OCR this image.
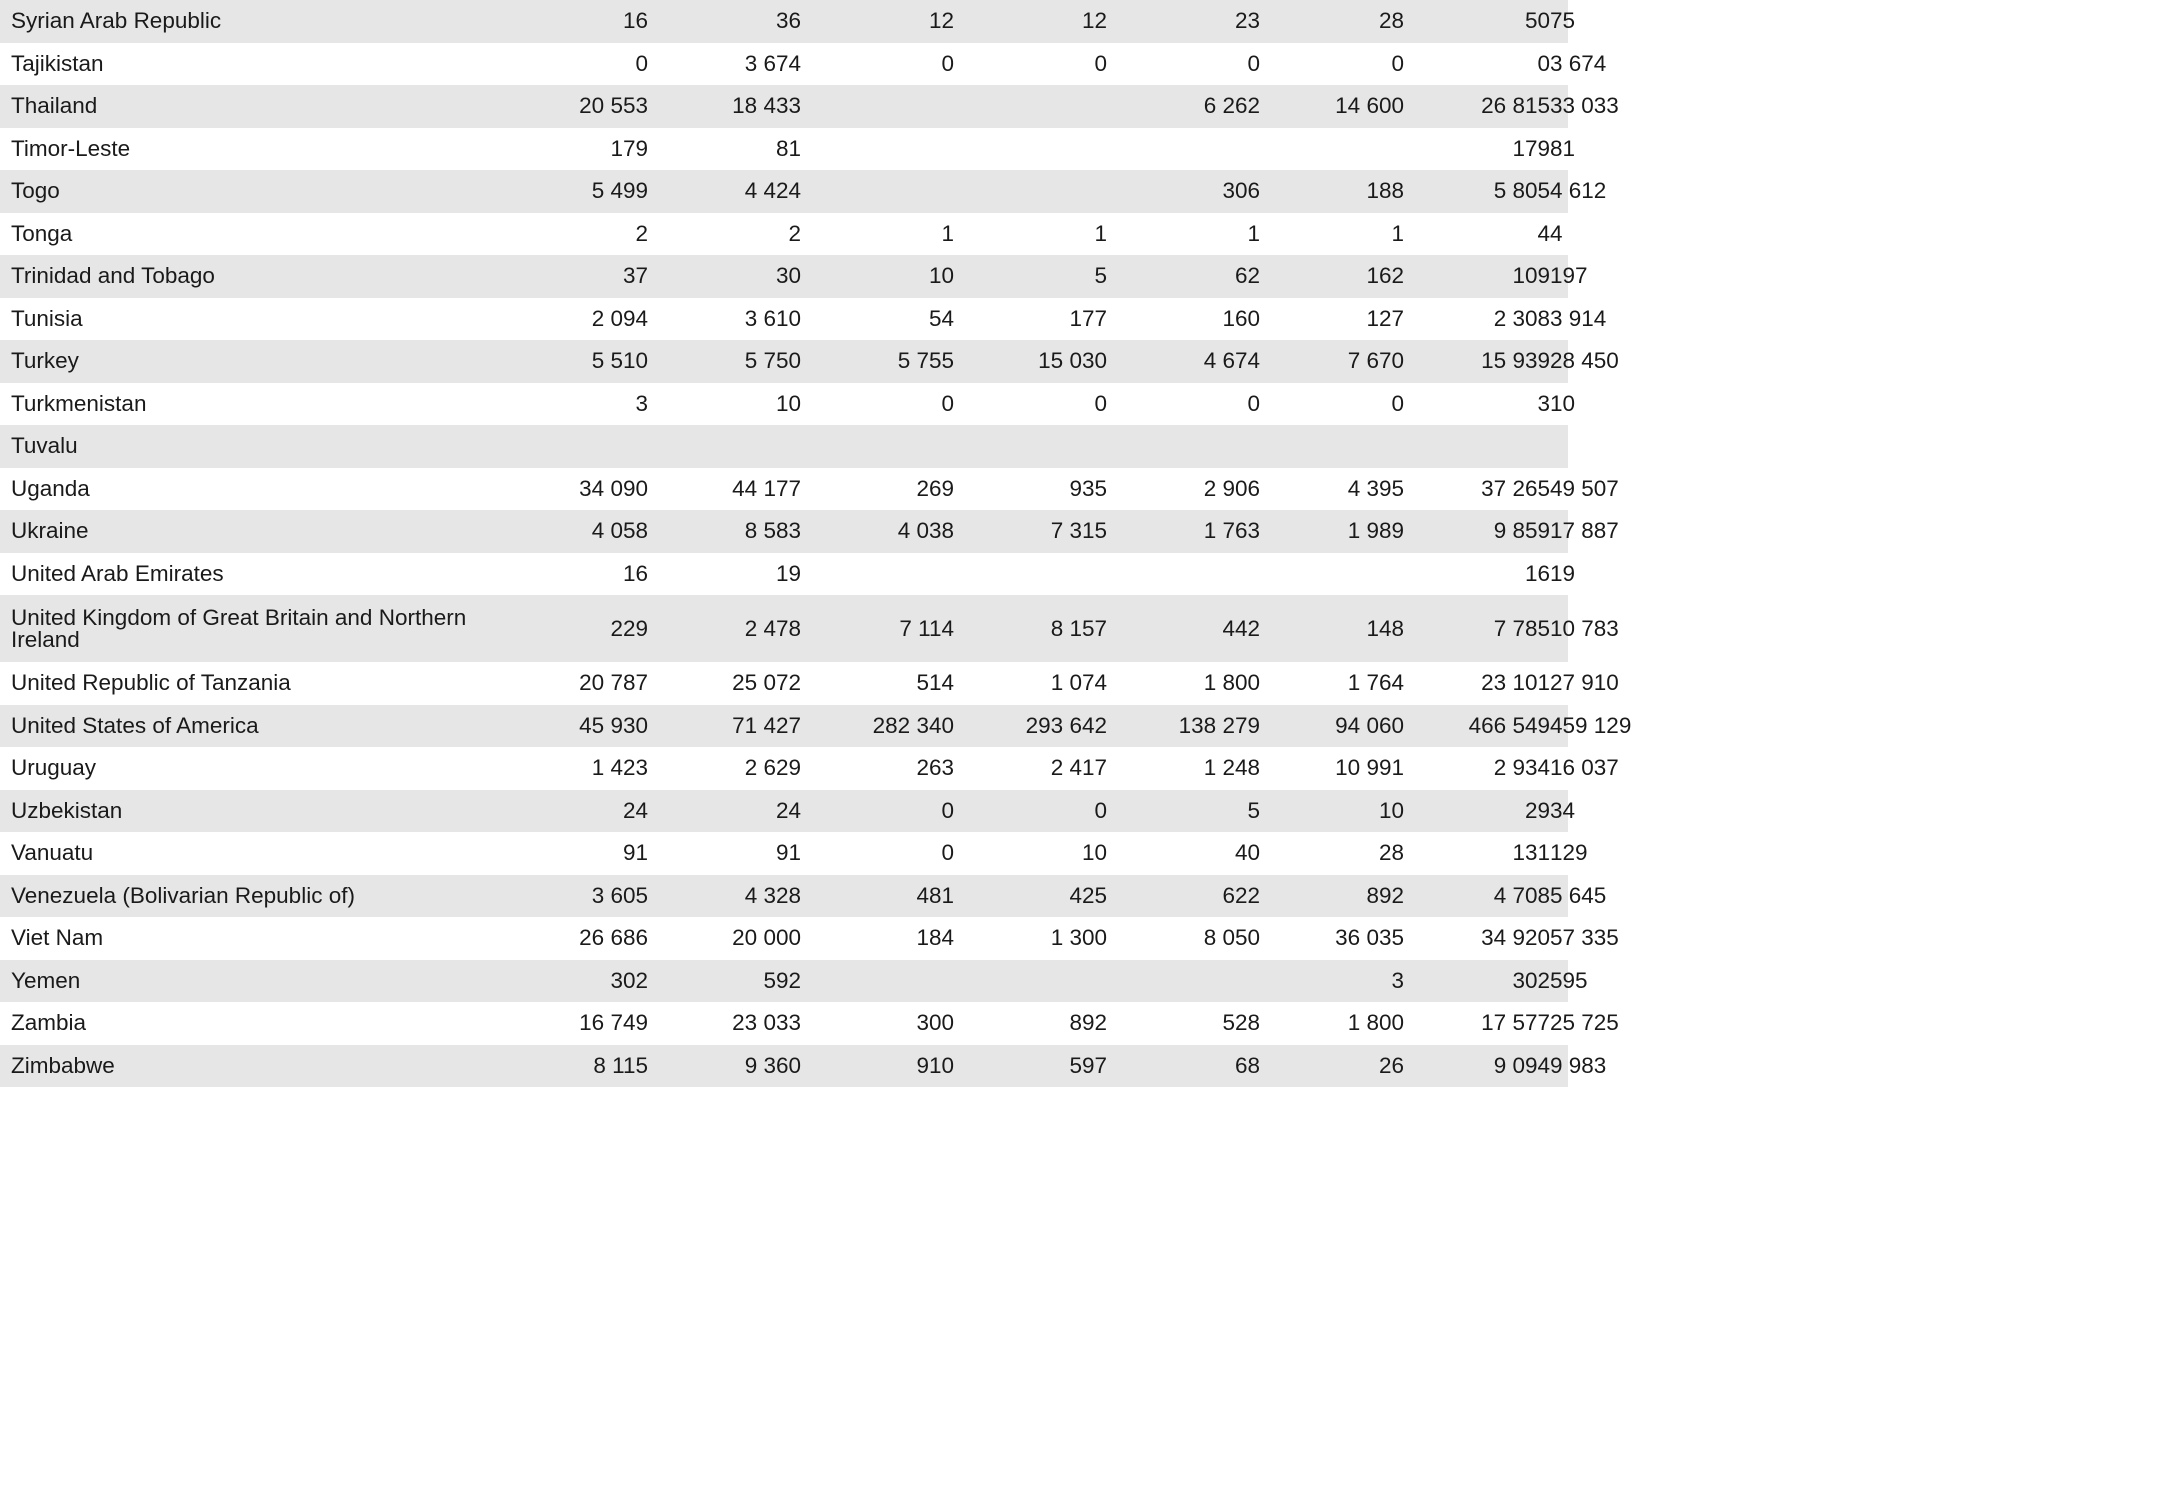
Syrian Arab Republic	16	36	12	12	23	28	50	75
Tajikistan	0	3 674	0	0	0	0	0	3 674
Thailand	20 553	18 433			6 262	14 600	26 815	33 033
Timor-Leste	179	81					179	81
Togo	5 499	4 424			306	188	5 805	4 612
Tonga	2	2	1	1	1	1	4	4
Trinidad and Tobago	37	30	10	5	62	162	109	197
Tunisia	2 094	3 610	54	177	160	127	2 308	3 914
Turkey	5 510	5 750	5 755	15 030	4 674	7 670	15 939	28 450
Turkmenistan	3	10	0	0	0	0	3	10
Tuvalu								
Uganda	34 090	44 177	269	935	2 906	4 395	37 265	49 507
Ukraine	4 058	8 583	4 038	7 315	1 763	1 989	9 859	17 887
United Arab Emirates	16	19					16	19
United Kingdom of Great Britain and Northern Ireland	229	2 478	7 114	8 157	442	148	7 785	10 783
United Republic of Tanzania	20 787	25 072	514	1 074	1 800	1 764	23 101	27 910
United States of America	45 930	71 427	282 340	293 642	138 279	94 060	466 549	459 129
Uruguay	1 423	2 629	263	2 417	1 248	10 991	2 934	16 037
Uzbekistan	24	24	0	0	5	10	29	34
Vanuatu	91	91	0	10	40	28	131	129
Venezuela (Bolivarian Republic of)	3 605	4 328	481	425	622	892	4 708	5 645
Viet Nam	26 686	20 000	184	1 300	8 050	36 035	34 920	57 335
Yemen	302	592				3	302	595
Zambia	16 749	23 033	300	892	528	1 800	17 577	25 725
Zimbabwe	8 115	9 360	910	597	68	26	9 094	9 983
